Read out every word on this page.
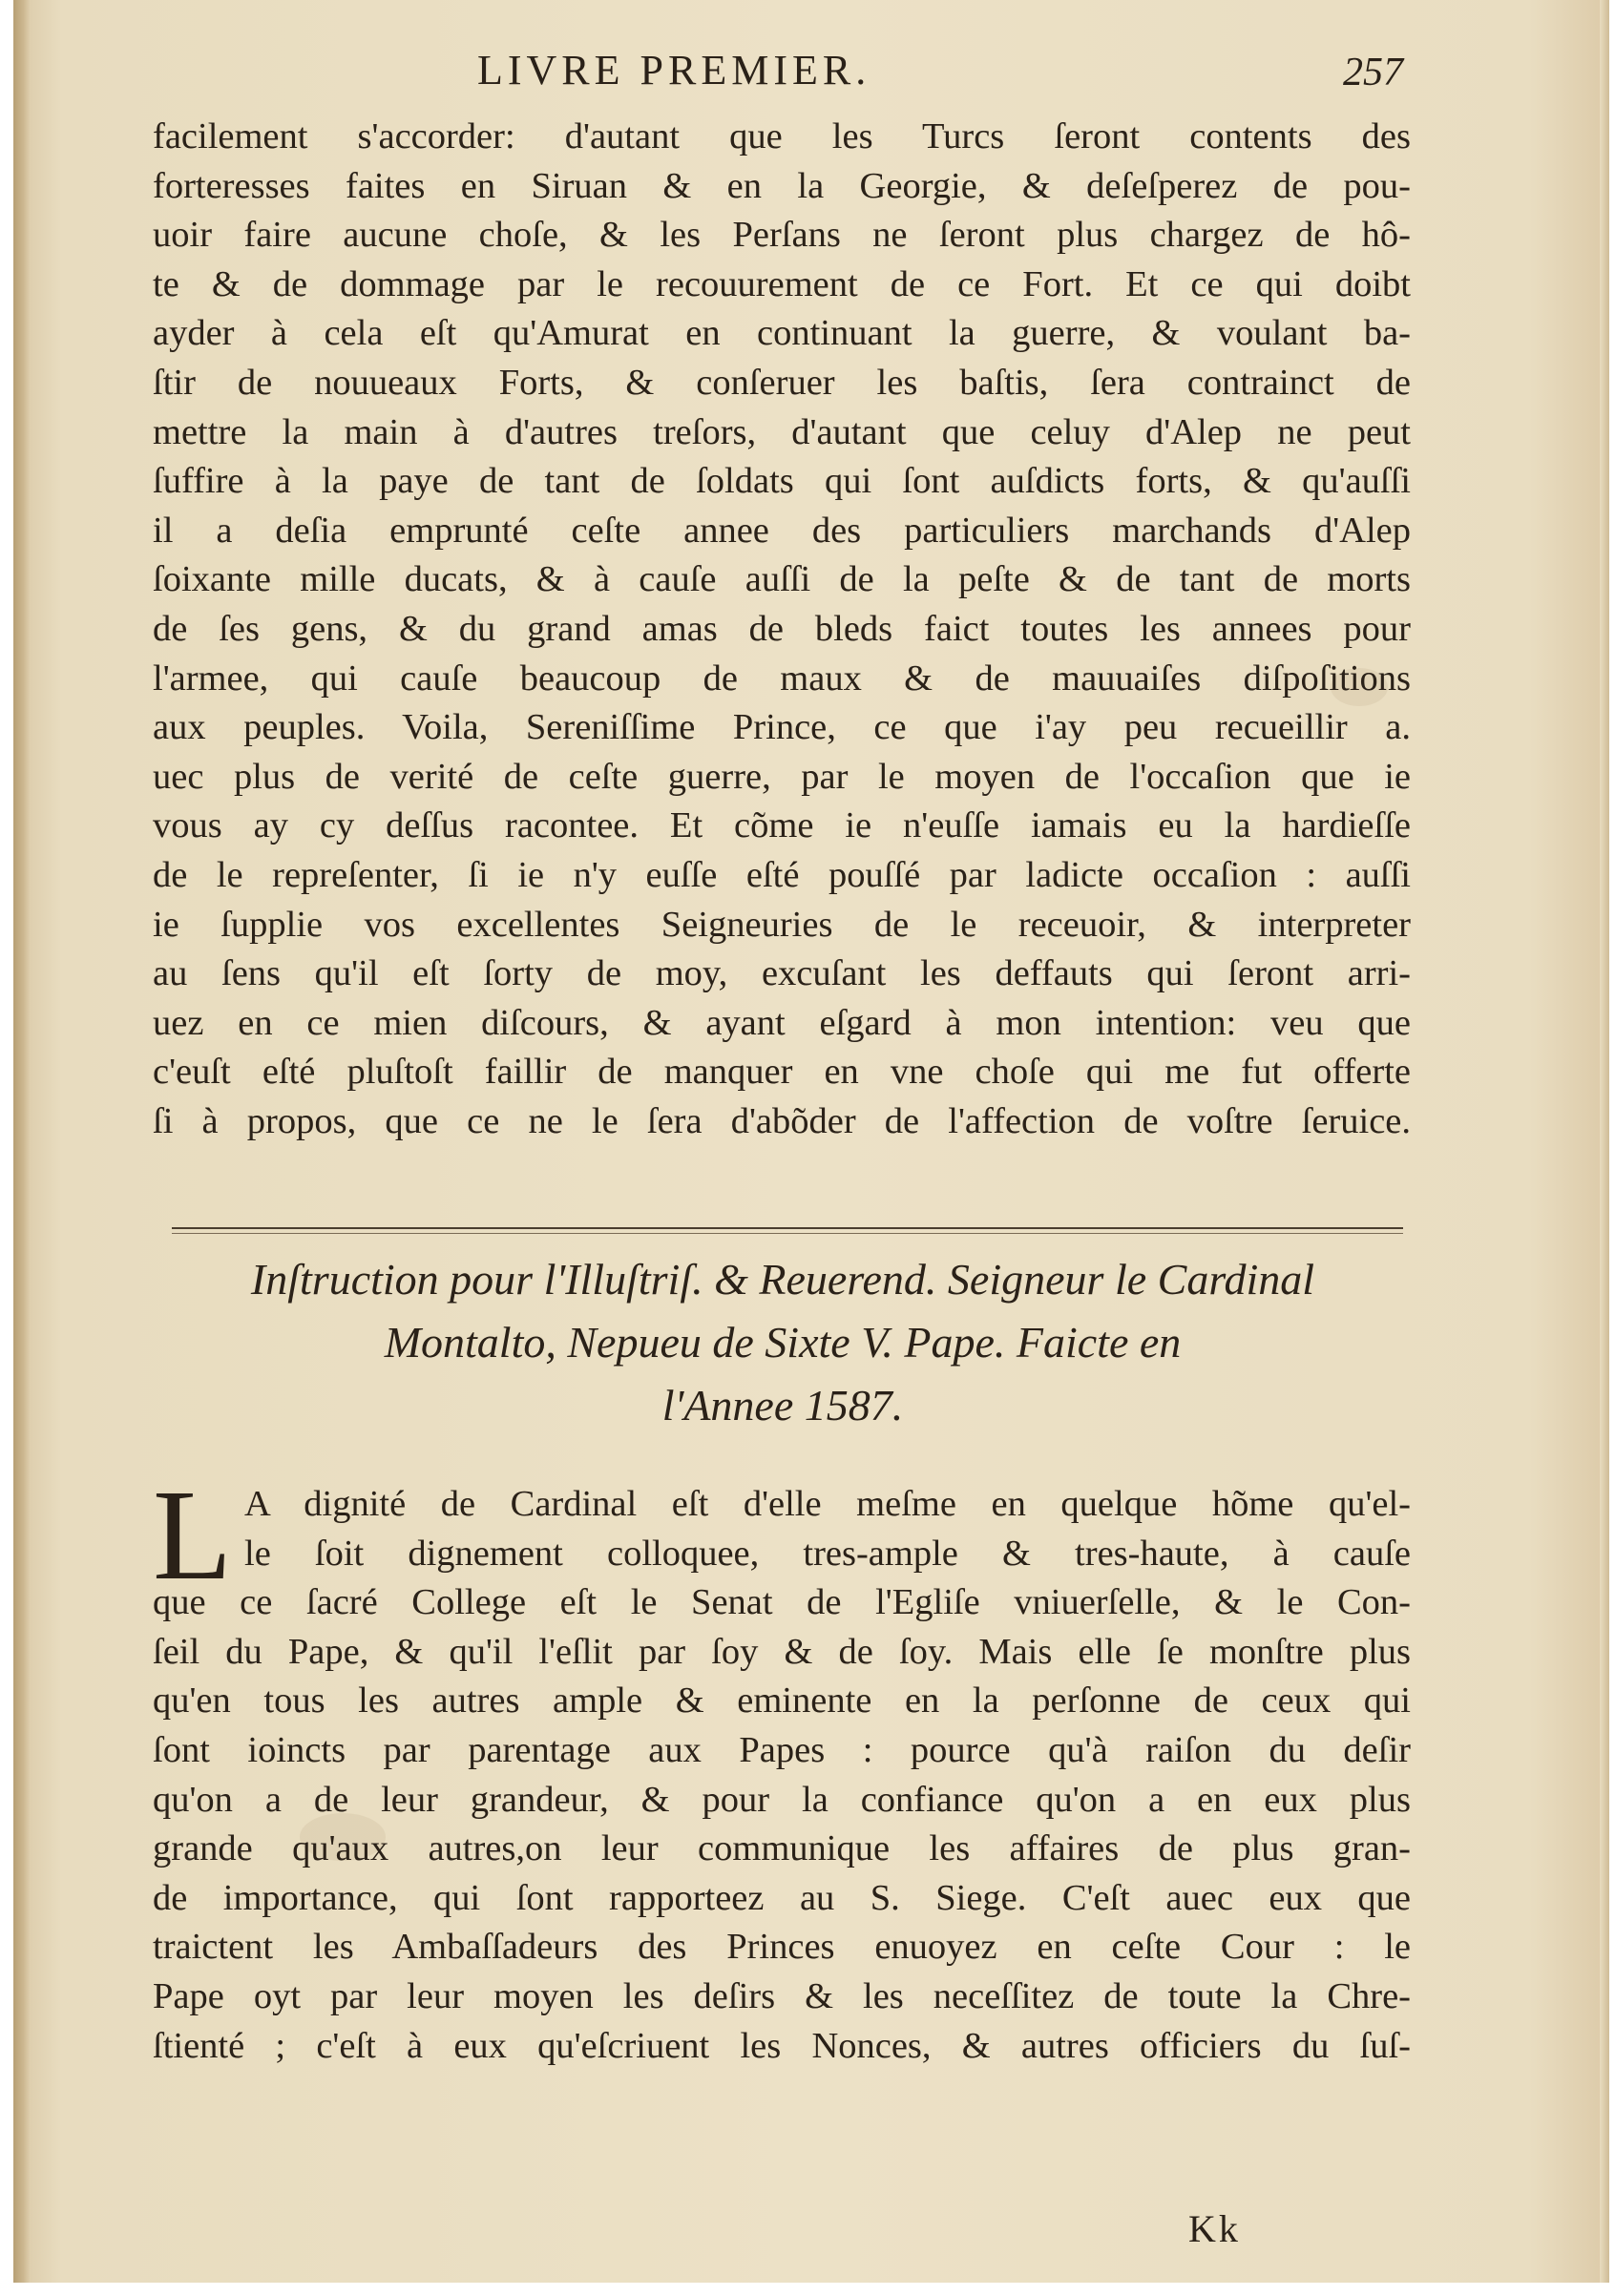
LIVRE PREMIER.	257
facilement s'accorder: d'autant que les Turcs ſeront contents des
forteresses faites en Siruan & en la Georgie, & deſeſperez de pou-
uoir faire aucune choſe, & les Perſans ne ſeront plus chargez de hô-
te & de dommage par le recouurement de ce Fort. Et ce qui doibt
ayder à cela eſt qu'Amurat en continuant la guerre, & voulant ba-
ſtir de nouueaux Forts, & conſeruer les baſtis, ſera contrainct de
mettre la main à d'autres treſors, d'autant que celuy d'Alep ne peut
ſuffire à la paye de tant de ſoldats qui ſont auſdicts forts, & qu'auſſi
il a deſia emprunté ceſte annee des particuliers marchands d'Alep
ſoixante mille ducats, & à cauſe auſſi de la peſte & de tant de morts
de ſes gens, & du grand amas de bleds faict toutes les annees pour
l'armee, qui cauſe beaucoup de maux & de mauuaiſes diſpoſitions
aux peuples. Voila, Sereniſſime Prince, ce que i'ay peu recueillir a.
uec plus de verité de ceſte guerre, par le moyen de l'occaſion que ie
vous ay cy deſſus racontee. Et cõme ie n'euſſe iamais eu la hardieſſe
de le repreſenter, ſi ie n'y euſſe eſté pouſſé par ladicte occaſion : auſſi
ie ſupplie vos excellentes Seigneuries de le receuoir, & interpreter
au ſens qu'il eſt ſorty de moy, excuſant les deffauts qui ſeront arri-
uez en ce mien diſcours, & ayant eſgard à mon intention: veu que
c'euſt eſté pluſtoſt faillir de manquer en vne choſe qui me fut offerte
ſi à propos, que ce ne le ſera d'abõder de l'affection de voſtre ſeruice.
Inſtruction pour l'Illuſtriſ. & Reuerend. Seigneur le Cardinal
Montalto, Nepueu de Sixte V. Pape. Faicte en
l'Annee 1587.
L A dignité de Cardinal eſt d'elle meſme en quelque hõme qu'el-
le ſoit dignement colloquee, tres-ample & tres-haute, à cauſe
que ce ſacré College eſt le Senat de l'Egliſe vniuerſelle, & le Con-
ſeil du Pape, & qu'il l'eſlit par ſoy & de ſoy. Mais elle ſe monſtre plus
qu'en tous les autres ample & eminente en la perſonne de ceux qui
ſont ioincts par parentage aux Papes : pource qu'à raiſon du deſir
qu'on a de leur grandeur, & pour la confiance qu'on a en eux plus
grande qu'aux autres,on leur communique les affaires de plus gran-
de importance, qui ſont rapporteez au S. Siege. C'eſt auec eux que
traictent les Ambaſſadeurs des Princes enuoyez en ceſte Cour : le
Pape oyt par leur moyen les deſirs & les neceſſitez de toute la Chre-
ſtienté ; c'eſt à eux qu'eſcriuent les Nonces, & autres officiers du ſuſ-
Kk
